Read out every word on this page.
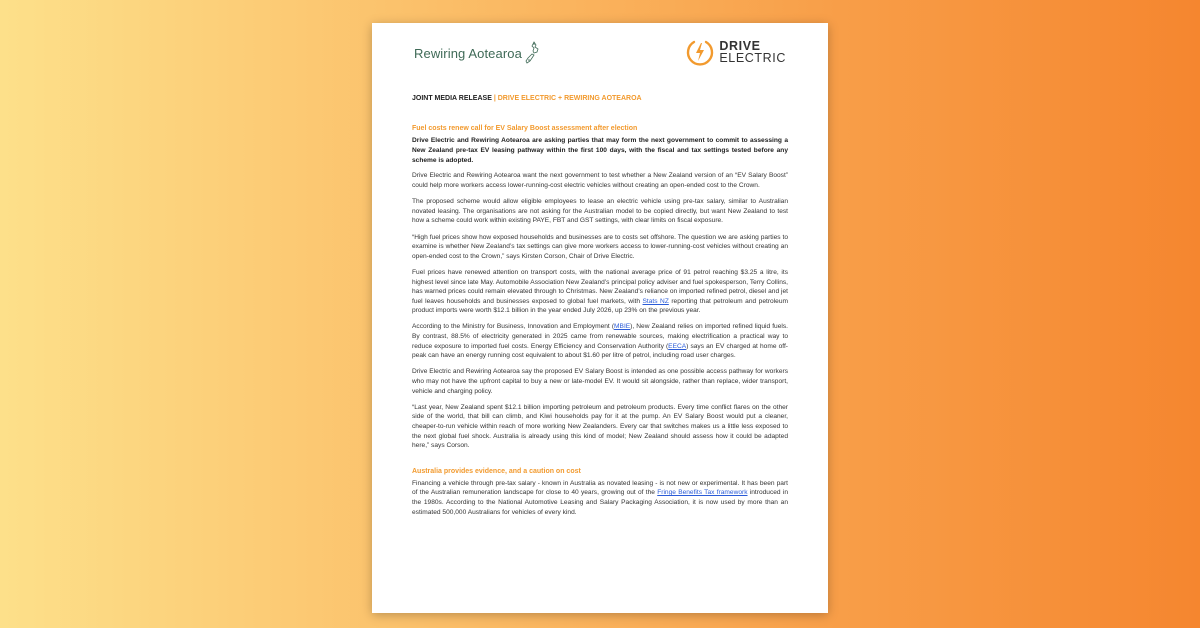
Rewiring Aotearoa	DRIVE
ELECTRIC
JOINT MEDIA RELEASE | DRIVE ELECTRIC + REWIRING AOTEAROA
Fuel costs renew call for EV Salary Boost assessment after election
Drive Electric and Rewiring Aotearoa are asking parties that may form the next government to commit to assessing a New Zealand pre-tax EV leasing pathway within the first 100 days, with the fiscal and tax settings tested before any scheme is adopted.

Drive Electric and Rewiring Aotearoa want the next government to test whether a New Zealand version of an “EV Salary Boost” could help more workers access lower-running-cost electric vehicles without creating an open-ended cost to the Crown.

The proposed scheme would allow eligible employees to lease an electric vehicle using pre-tax salary, similar to Australian novated leasing. The organisations are not asking for the Australian model to be copied directly, but want New Zealand to test how a scheme could work within existing PAYE, FBT and GST settings, with clear limits on fiscal exposure.

“High fuel prices show how exposed households and businesses are to costs set offshore. The question we are asking parties to examine is whether New Zealand’s tax settings can give more workers access to lower-running-cost vehicles without creating an open-ended cost to the Crown,” says Kirsten Corson, Chair of Drive Electric.

Fuel prices have renewed attention on transport costs, with the national average price of 91 petrol reaching $3.25 a litre, its highest level since late May. Automobile Association New Zealand’s principal policy adviser and fuel spokesperson, Terry Collins, has warned prices could remain elevated through to Christmas. New Zealand’s reliance on imported refined petrol, diesel and jet fuel leaves households and businesses exposed to global fuel markets, with Stats NZ reporting that petroleum and petroleum product imports were worth $12.1 billion in the year ended July 2026, up 23% on the previous year.

According to the Ministry for Business, Innovation and Employment (MBIE), New Zealand relies on imported refined liquid fuels. By contrast, 88.5% of electricity generated in 2025 came from renewable sources, making electrification a practical way to reduce exposure to imported fuel costs. Energy Efficiency and Conservation Authority (EECA) says an EV charged at home off-peak can have an energy running cost equivalent to about $1.60 per litre of petrol, including road user charges.

Drive Electric and Rewiring Aotearoa say the proposed EV Salary Boost is intended as one possible access pathway for workers who may not have the upfront capital to buy a new or late-model EV. It would sit alongside, rather than replace, wider transport, vehicle and charging policy.

“Last year, New Zealand spent $12.1 billion importing petroleum and petroleum products. Every time conflict flares on the other side of the world, that bill can climb, and Kiwi households pay for it at the pump. An EV Salary Boost would put a cleaner, cheaper-to-run vehicle within reach of more working New Zealanders. Every car that switches makes us a little less exposed to the next global fuel shock. Australia is already using this kind of model; New Zealand should assess how it could be adapted here,” says Corson.

Australia provides evidence, and a caution on cost

Financing a vehicle through pre-tax salary - known in Australia as novated leasing - is not new or experimental. It has been part of the Australian remuneration landscape for close to 40 years, growing out of the Fringe Benefits Tax framework introduced in the 1980s. According to the National Automotive Leasing and Salary Packaging Association, it is now used by more than an estimated 500,000 Australians for vehicles of every kind.
